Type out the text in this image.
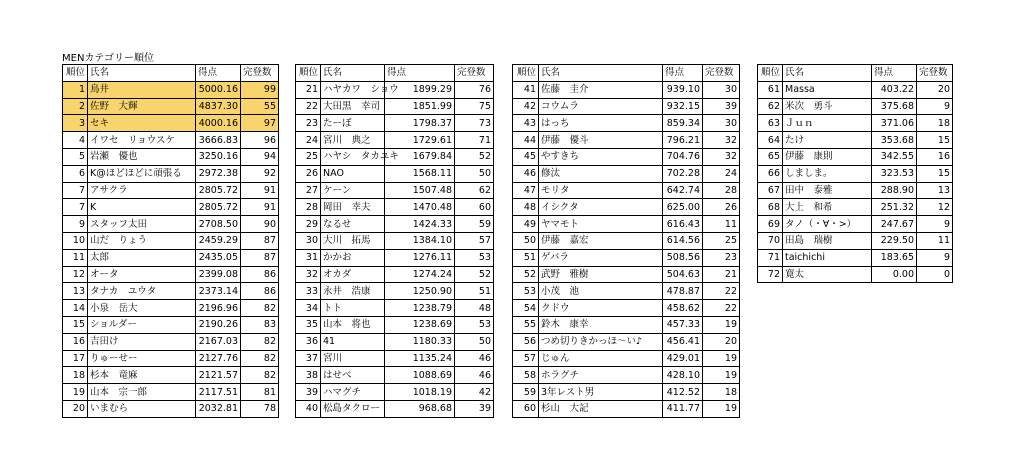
MENカテゴリー順位
順位	氏名	得点	完登数
1	鳥井	5000.16	99
2	佐野　大輝	4837.30	55
3	セキ	4000.16	97
4	イワセ　リョウスケ	3666.83	96
5	岩瀬　優也	3250.16	94
6	K@ほどほどに頑張る	2972.38	92
7	アサクラ	2805.72	91
7	K	2805.72	91
9	スタッフ太田	2708.50	90
10	山だ　りょう	2459.29	87
11	太郎	2435.05	87
12	オータ	2399.08	86
13	タナカ　ユウタ	2373.14	86
14	小泉　岳大	2196.96	82
15	ショルダー	2190.26	83
16	吉田け	2167.03	82
17	りゅーせー	2127.76	82
18	杉本　竜麻	2121.57	82
19	山本　宗一郎	2117.51	81
20	いまむら	2032.81	78
順位	氏名	得点	完登数
21	ハヤカワ　ショウ	1899.29	76
22	大田黒　幸司	1851.99	75
23	たーぼ	1798.37	73
24	宮川　典之	1729.61	71
25	ハヤシ　タカユキ	1679.84	52
26	NAO	1568.11	50
27	ケーン	1507.48	62
28	岡田　幸夫	1470.48	60
29	なるせ	1424.33	59
30	大川　拓馬	1384.10	57
31	かかお	1276.11	53
32	オカダ	1274.24	52
33	永井　浩康	1250.90	51
34	トト	1238.79	48
35	山本　将也	1238.69	53
36	41	1180.33	50
37	宮川	1135.24	46
38	はせべ	1088.69	46
39	ハマグチ	1018.19	42
40	松島タクロー	968.68	39
順位	氏名	得点	完登数
41	佐藤　圭介	939.10	30
42	コウムラ	932.15	39
43	はっち	859.34	30
44	伊藤　優斗	796.21	32
45	やすきち	704.76	32
46	修汰	702.28	24
47	モリタ	642.74	28
48	イシクタ	625.00	26
49	ヤマモト	616.43	11
50	伊藤　嘉宏	614.56	25
51	ゲバラ	508.56	23
52	武野　雅樹	504.63	21
53	小茂　池	478.87	22
54	クドウ	458.62	22
55	鈴木　康幸	457.33	19
56	つめ切りきかっほ〜い♪	456.41	20
57	じゅん	429.01	19
58	ホラグチ	428.10	19
59	3年レスト男	412.52	18
60	杉山　大記	411.77	19
順位	氏名	得点	完登数
61	Massa	403.22	20
62	米次　勇斗	375.68	9
63	Ｊｕｎ	371.06	18
64	たけ	353.68	15
65	伊藤　康則	342.55	16
66	しましま。	323.53	15
67	田中　泰雅	288.90	13
68	大上　和希	251.32	12
69	タノ（・∀・>）	247.67	9
70	田島　瑞樹	229.50	11
71	taichichi	183.65	9
72	寛太	0.00	0
